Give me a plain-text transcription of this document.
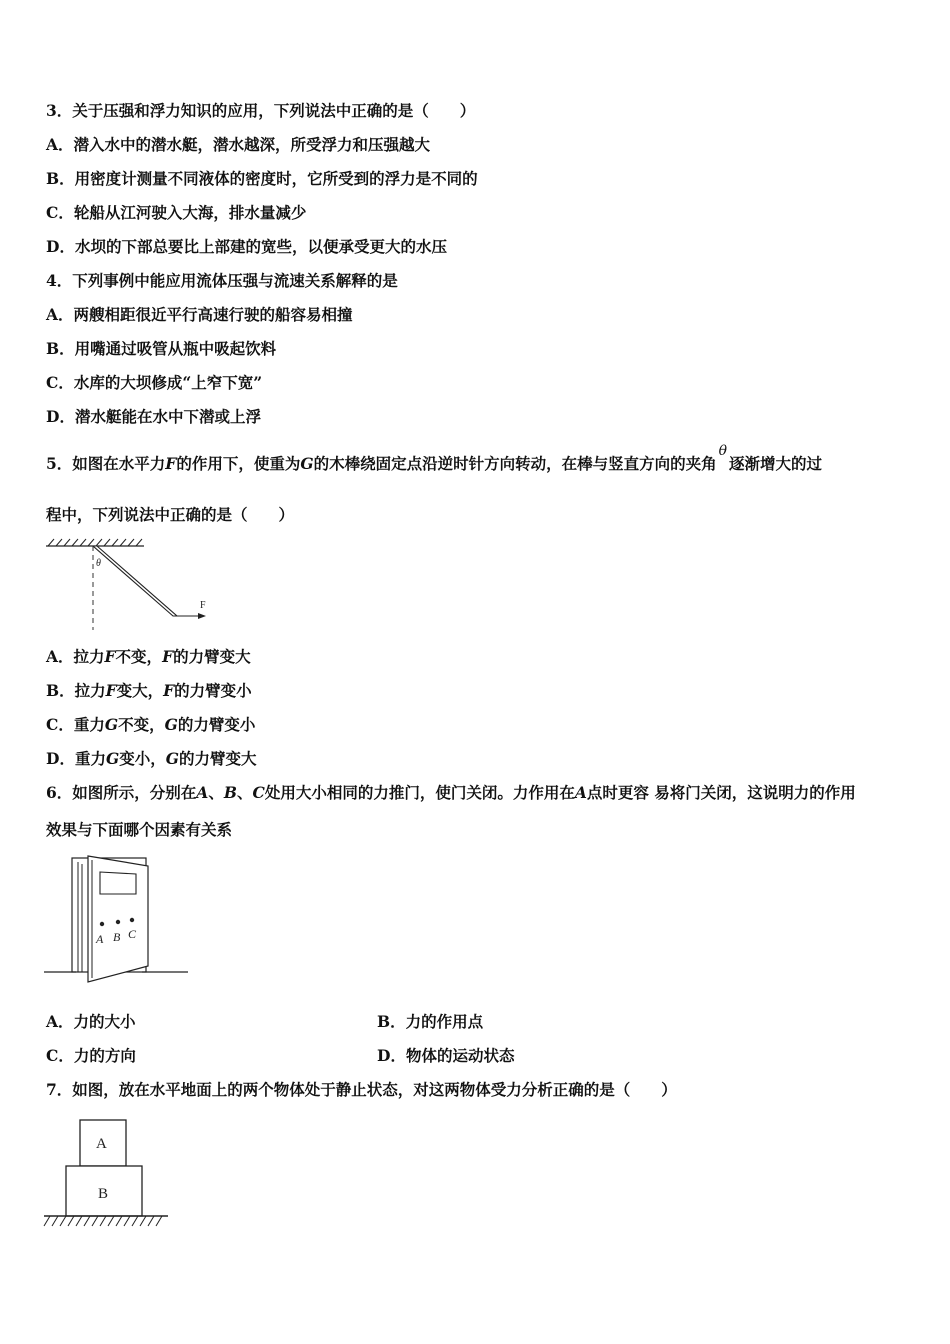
3．关于压强和浮力知识的应用，下列说法中正确的是（　　）
A．潜入水中的潜水艇，潜水越深，所受浮力和压强越大
B．用密度计测量不同液体的密度时，它所受到的浮力是不同的
C．轮船从江河驶入大海，排水量减少
D．水坝的下部总要比上部建的宽些，以便承受更大的水压
4．下列事例中能应用流体压强与流速关系解释的是
A．两艘相距很近平行高速行驶的船容易相撞
B．用嘴通过吸管从瓶中吸起饮料
C．水库的大坝修成“上窄下宽”
D．潜水艇能在水中下潜或上浮
5．如图在水平力F的作用下，使重为G的木棒绕固定点沿逆时针方向转动，在棒与竖直方向的夹角θ逐渐增大的过
程中，下列说法中正确的是（　　）
θ
F
A．拉力F不变，F的力臂变大
B．拉力F变大，F的力臂变小
C．重力G不变，G的力臂变小
D．重力G变小，G的力臂变大
6．如图所示，分别在A、B、C处用大小相同的力推门，使门关闭。力作用在A点时更容 易将门关闭，这说明力的作用
效果与下面哪个因素有关系
A B C
A．力的大小	B．力的作用点
C．力的方向	D．物体的运动状态
7．如图，放在水平地面上的两个物体处于静止状态，对这两物体受力分析正确的是（　　）
A
B
